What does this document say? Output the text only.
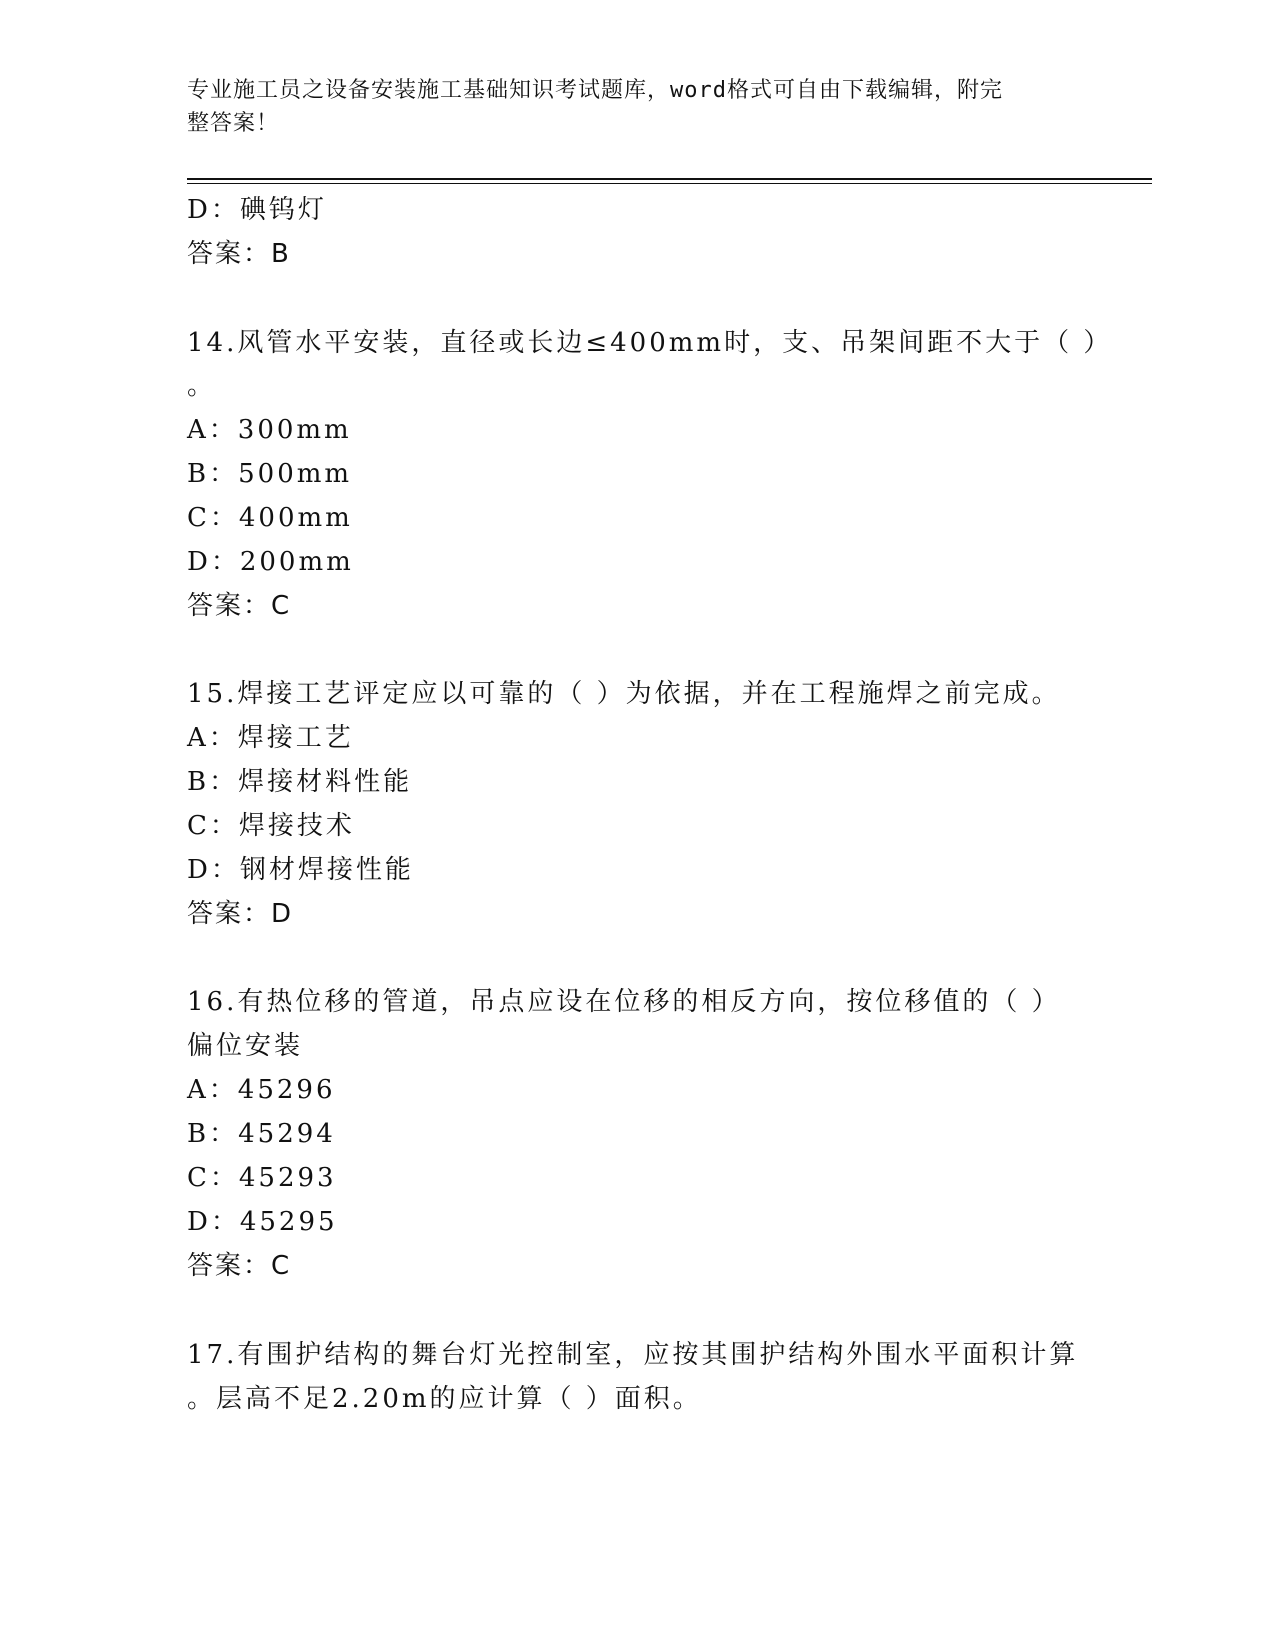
专业施工员之设备安装施工基础知识考试题库，word格式可自由下载编辑，附完
整答案！
D：碘钨灯
答案：B
14.风管水平安装，直径或长边≤400mm时，支、吊架间距不大于（ ）
。
A：300mm
B：500mm
C：400mm
D：200mm
答案：C
15.焊接工艺评定应以可靠的（ ）为依据，并在工程施焊之前完成。
A：焊接工艺
B：焊接材料性能
C：焊接技术
D：钢材焊接性能
答案：D
16.有热位移的管道，吊点应设在位移的相反方向，按位移值的（ ）
偏位安装
A：45296
B：45294
C：45293
D：45295
答案：C
17.有围护结构的舞台灯光控制室，应按其围护结构外围水平面积计算
。层高不足2.20m的应计算（ ）面积。
